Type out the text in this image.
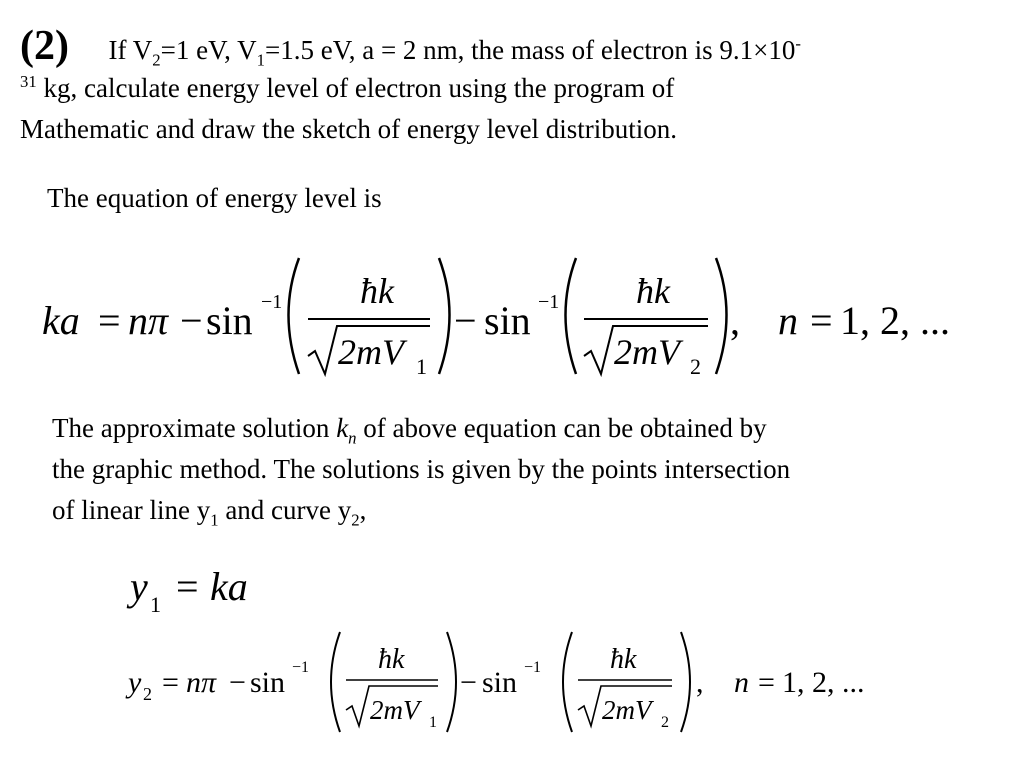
(2) If $V_2=1$ eV, $V_1=1.5$ eV, a = 2 nm, the mass of electron is 9.1×10-
$^{31}$ kg, calculate energy level of electron using the program of
Mathematic and draw the sketch of energy level distribution.
The equation of energy level is
ka = nπ − sin −1 ħk
2mV 1
− sin −1 ħk
2mV 2
, n = 1, 2, ...
The approximate solution $k_n$ of above equation can be obtained by
the graphic method. The solutions is given by the points intersection
of linear line $y_1$ and curve $y_2$,
y 1 = ka
y 2 = nπ − sin −1 ħk
2mV 1
− sin −1 ħk
2mV 2
, n = 1, 2, ...
